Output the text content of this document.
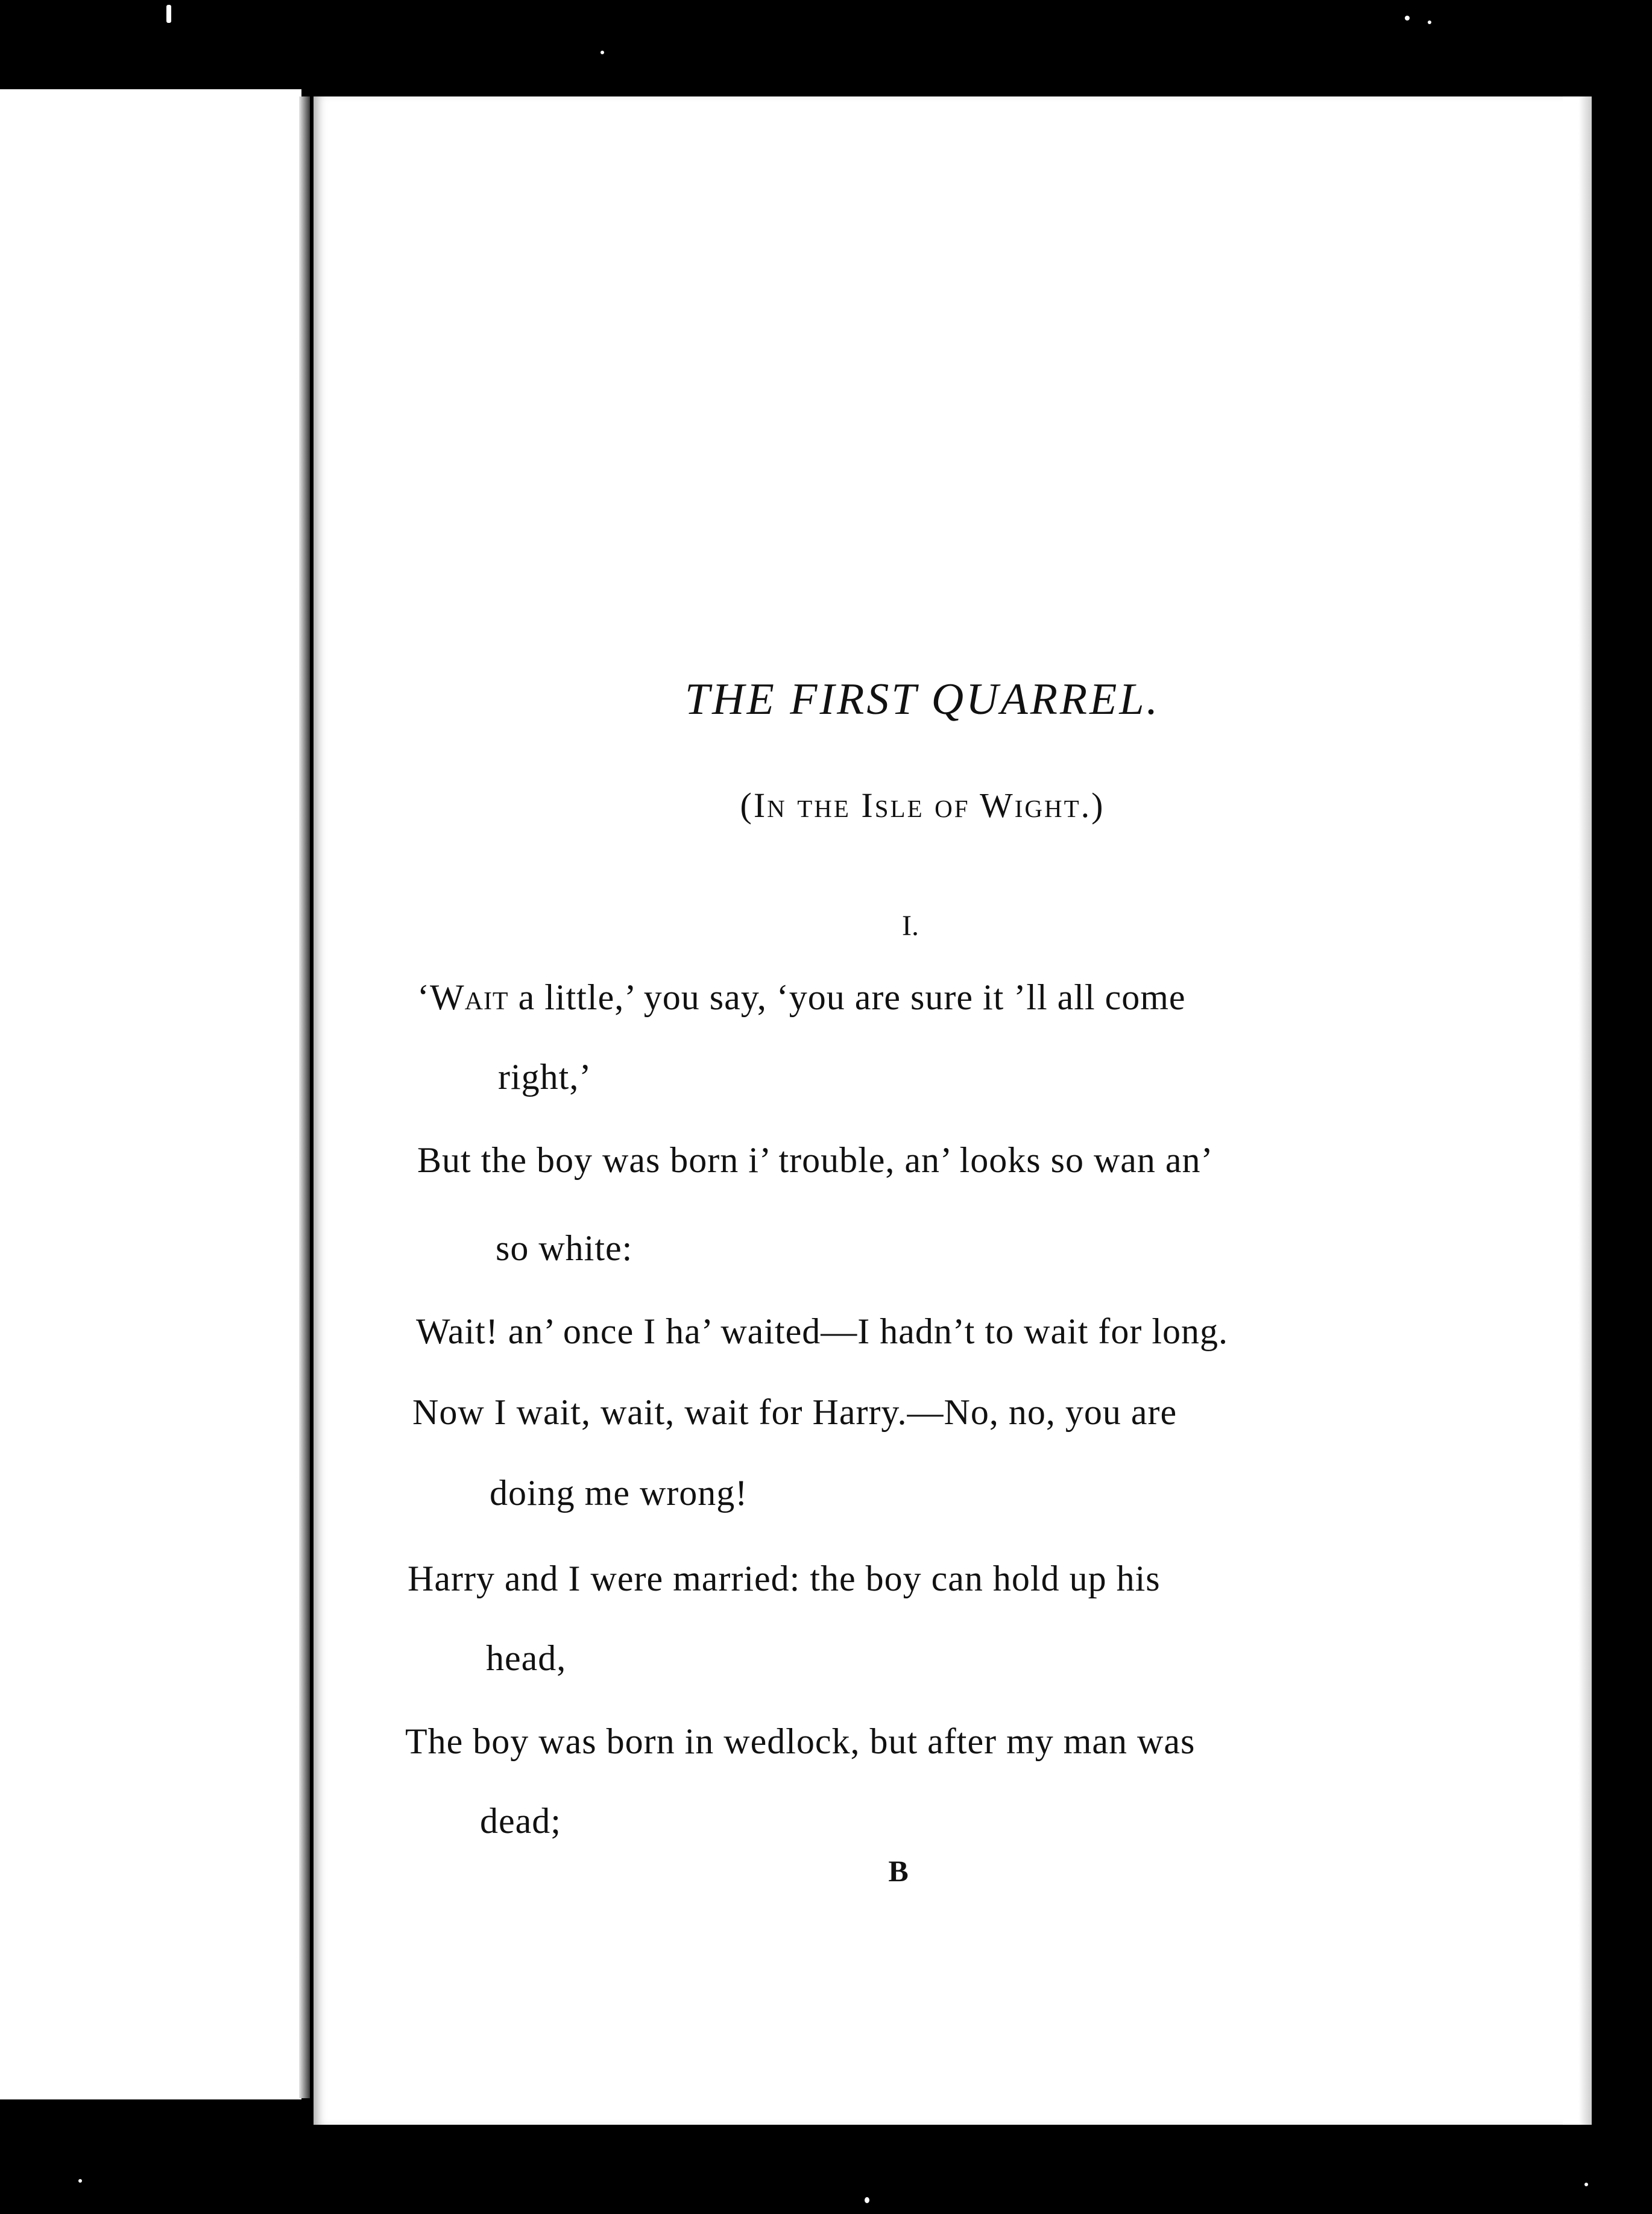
THE FIRST QUARREL.
(In the Isle of Wight.)
I.
‘Wait a little,’ you say, ‘you are sure it ’ll all come
right,’
But the boy was born i’ trouble, an’ looks so wan an’
so white:
Wait! an’ once I ha’ waited—I hadn’t to wait for long.
Now I wait, wait, wait for Harry.—No, no, you are
doing me wrong!
Harry and I were married: the boy can hold up his
head,
The boy was born in wedlock, but after my man was
dead;
B
